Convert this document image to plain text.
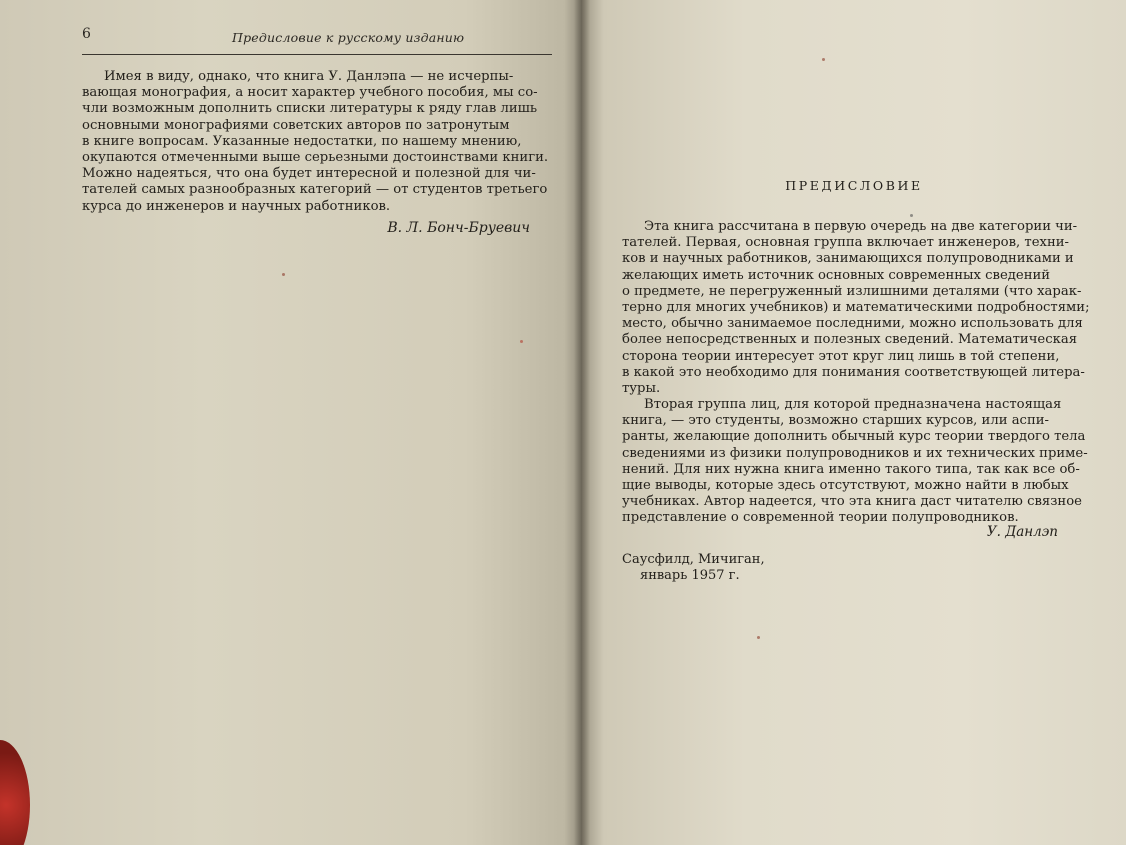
6	Предисловие к русскому изданию
Имея в виду, однако, что книга У. Данлэпа — не исчерпы-
вающая монография, а носит характер учебного пособия, мы со-
чли возможным дополнить списки литературы к ряду глав лишь
основными монографиями советских авторов по затронутым
в книге вопросам. Указанные недостатки, по нашему мнению,
окупаются отмеченными выше серьезными достоинствами книги.
Можно надеяться, что она будет интересной и полезной для чи-
тателей самых разнообразных категорий — от студентов третьего
курса до инженеров и научных работников.
В. Л. Бонч-Бруевич
ПРЕДИСЛОВИЕ
Эта книга рассчитана в первую очередь на две категории чи-
тателей. Первая, основная группа включает инженеров, техни-
ков и научных работников, занимающихся полупроводниками и
желающих иметь источник основных современных сведений
о предмете, не перегруженный излишними деталями (что харак-
терно для многих учебников) и математическими подробностями;
место, обычно занимаемое последними, можно использовать для
более непосредственных и полезных сведений. Математическая
сторона теории интересует этот круг лиц лишь в той степени,
в какой это необходимо для понимания соответствующей литера-
туры.
Вторая группа лиц, для которой предназначена настоящая
книга, — это студенты, возможно старших курсов, или аспи-
ранты, желающие дополнить обычный курс теории твердого тела
сведениями из физики полупроводников и их технических приме-
нений. Для них нужна книга именно такого типа, так как все об-
щие выводы, которые здесь отсутствуют, можно найти в любых
учебниках. Автор надеется, что эта книга даст читателю связное
представление о современной теории полупроводников.
У. Данлэп
Саусфилд, Мичиган,
январь 1957 г.
